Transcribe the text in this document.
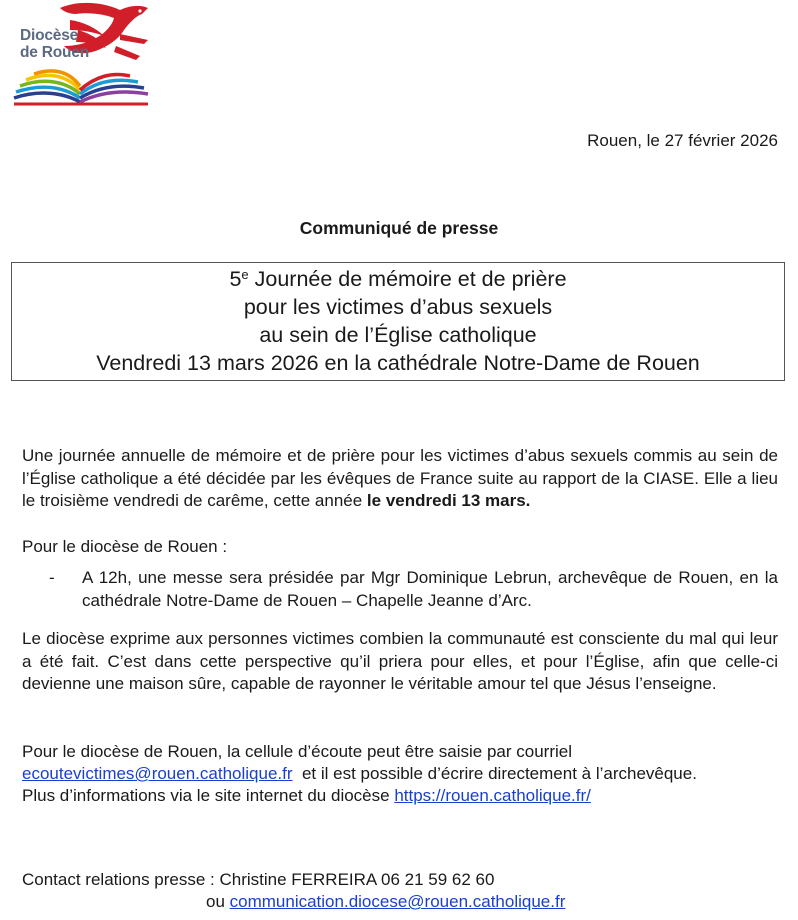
Diocèse
de Rouen
Rouen, le 27 février 2026
Communiqué de presse
5e Journée de mémoire et de prière
pour les victimes d’abus sexuels
au sein de l’Église catholique
Vendredi 13 mars 2026 en la cathédrale Notre-Dame de Rouen
Une journée annuelle de mémoire et de prière pour les victimes d’abus sexuels commis au sein de l’Église catholique a été décidée par les évêques de France suite au rapport de la CIASE. Elle a lieu le troisième vendredi de carême, cette année le vendredi 13 mars.
Pour le diocèse de Rouen :
- A 12h, une messe sera présidée par Mgr Dominique Lebrun, archevêque de Rouen, en la cathédrale Notre-Dame de Rouen – Chapelle Jeanne d’Arc.
Le diocèse exprime aux personnes victimes combien la communauté est consciente du mal qui leur a été fait. C’est dans cette perspective qu’il priera pour elles, et pour l’Église, afin que celle-ci devienne une maison sûre, capable de rayonner le véritable amour tel que Jésus l’enseigne.
Pour le diocèse de Rouen, la cellule d’écoute peut être saisie par courriel
ecoutevictimes@rouen.catholique.fr  et il est possible d’écrire directement à l’archevêque.
Plus d’informations via le site internet du diocèse https://rouen.catholique.fr/
Contact relations presse : Christine FERREIRA 06 21 59 62 60
ou communication.diocese@rouen.catholique.fr
